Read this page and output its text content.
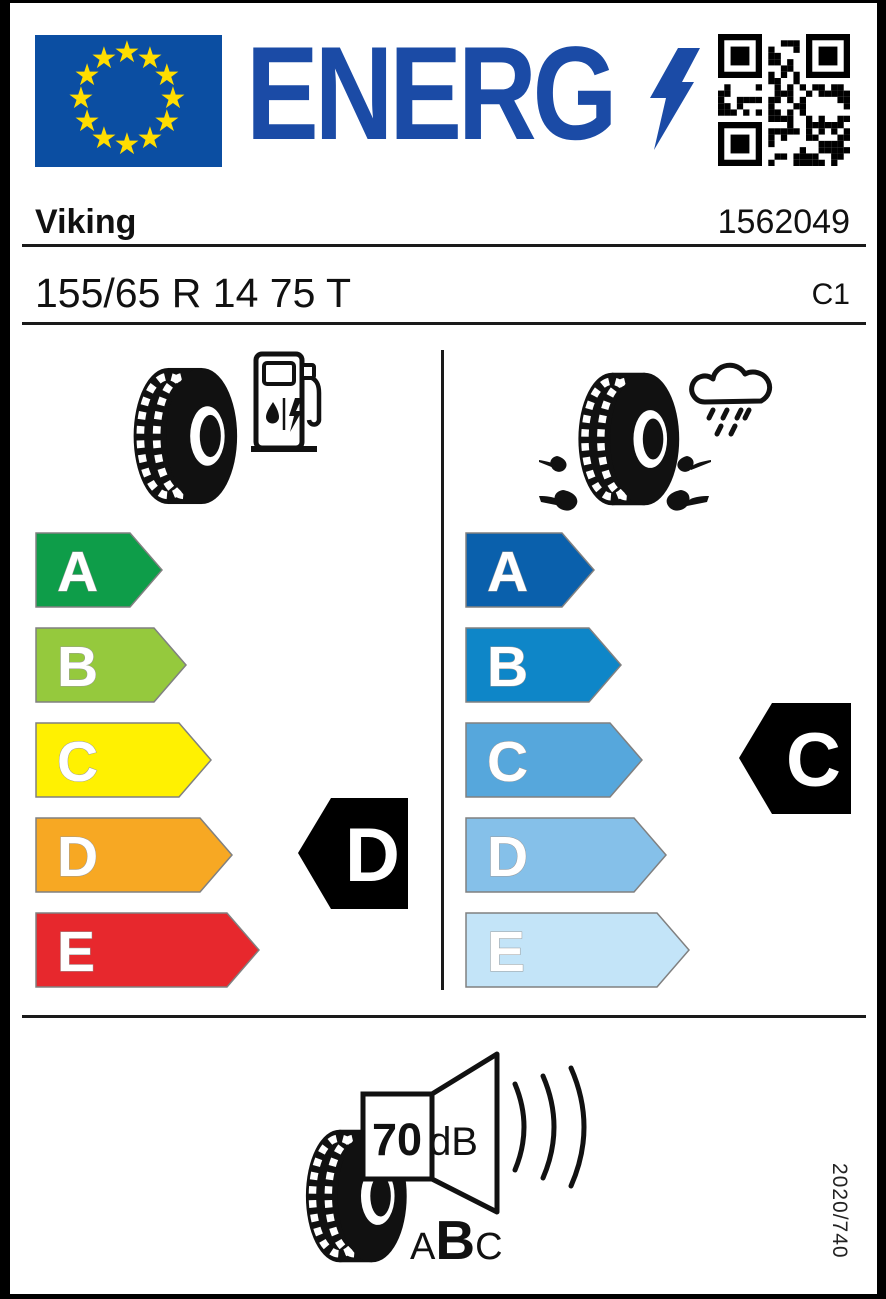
★
★
★
★
★
★
★
★
★
★
★
★ ENERG
Viking	1562049
155/65 R 14 75 T	C1
A
B
C
D
E
A
B
C
D
E
D
C
70 dB
ABC	2020/740
